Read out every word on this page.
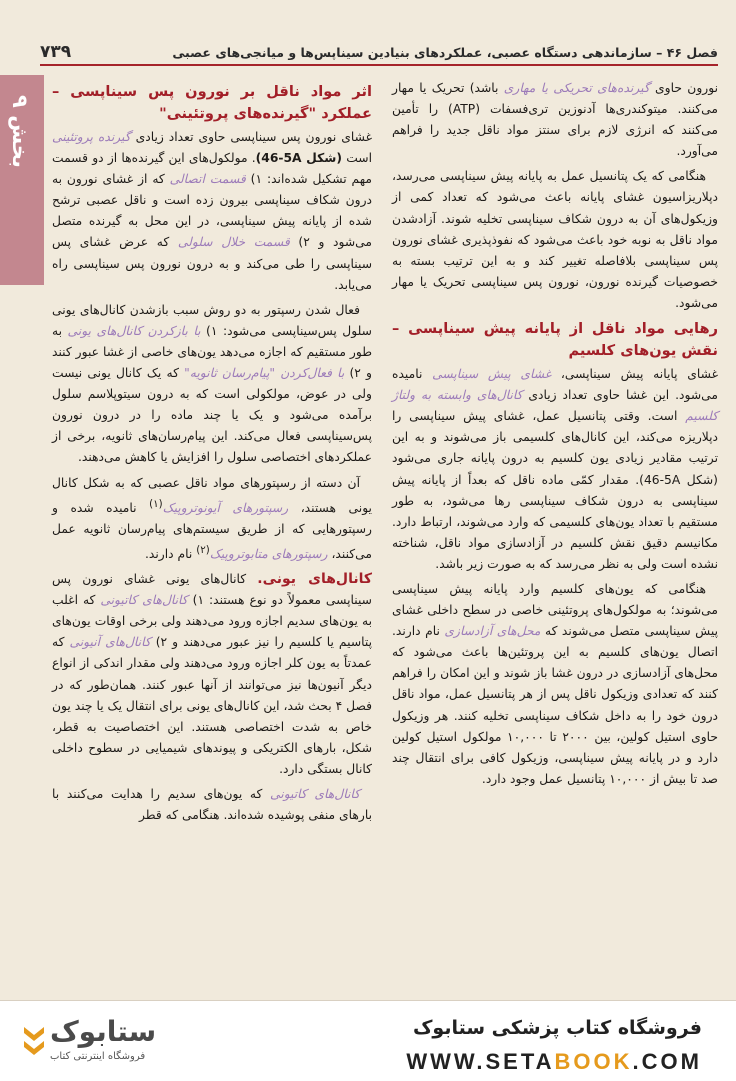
فصل ۴۶ – سازماندهی دستگاه عصبی، عملکردهای بنیادین سیناپس‌ها و میانجی‌های عصبی
۷۳۹
بخش ۹

نورون حاوی گیرنده‌های تحریکی یا مهاری باشد) تحریک یا مهار می‌کنند. میتوکندری‌ها آدنوزین تری‌فسفات (ATP) را تأمین می‌کنند که انرژی لازم برای سنتز مواد ناقل جدید را فراهم می‌آورد.

هنگامی که یک پتانسیل عمل به پایانه پیش سیناپسی می‌رسد، دپلاریزاسیون غشای پایانه باعث می‌شود که تعداد کمی از وزیکول‌های آن به درون شکاف سیناپسی تخلیه شوند. آزادشدن مواد ناقل به نوبه خود باعث می‌شود که نفوذپذیری غشای نورون پس سیناپسی بلافاصله تغییر کند و به این ترتیب بسته به خصوصیات گیرنده نورون، نورون پس سیناپسی تحریک یا مهار می‌شود.

رهایی مواد ناقل از پایانه پیش سیناپسی – نقش یون‌های کلسیم

غشای پایانه پیش سیناپسی، غشای پیش سیناپسی نامیده می‌شود. این غشا حاوی تعداد زیادی کانال‌های وابسته به ولتاژ کلسیم است. وقتی پتانسیل عمل، غشای پیش سیناپسی را دپلاریزه می‌کند، این کانال‌های کلسیمی باز می‌شوند و به این ترتیب مقادیر زیادی یون کلسیم به درون پایانه جاری می‌شود (شکل ‎46-5A‎). مقدار کمّی ماده ناقل که بعداً از پایانه پیش سیناپسی به درون شکاف سیناپسی رها می‌شود، به طور مستقیم با تعداد یون‌های کلسیمی که وارد می‌شوند، ارتباط دارد. مکانیسم دقیق نقش کلسیم در آزادسازی مواد ناقل، شناخته نشده است ولی به نظر می‌رسد که به صورت زیر باشد.

هنگامی که یون‌های کلسیم وارد پایانه پیش سیناپسی می‌شوند؛ به مولکول‌های پروتئینی خاصی در سطح داخلی غشای پیش سیناپسی متصل می‌شوند که محل‌های آزادسازی نام دارند. اتصال یون‌های کلسیم به این پروتئین‌ها باعث می‌شود که محل‌های آزادسازی در درون غشا باز شوند و این امکان را فراهم کنند که تعدادی وزیکول ناقل پس از هر پتانسیل عمل، مواد ناقل درون خود را به داخل شکاف سیناپسی تخلیه کنند. هر وزیکول حاوی استیل کولین، بین ۲۰۰۰ تا ۱۰,۰۰۰ مولکول استیل کولین دارد و در پایانه پیش سیناپسی، وزیکول کافی برای انتقال چند صد تا بیش از ۱۰,۰۰۰ پتانسیل عمل وجود دارد.

اثر مواد ناقل بر نورون پس سیناپسی – عملکرد "گیرنده‌های پروتئینی"

غشای نورون پس سیناپسی حاوی تعداد زیادی گیرنده‌ پروتئینی است (شکل ‎46-5A‎). مولکول‌های این گیرنده‌ها از دو قسمت مهم تشکیل شده‌اند: ۱) قسمت اتصالی که از غشای نورون به درون شکاف سیناپسی بیرون زده است و ناقل عصبی ترشح شده از پایانه پیش سیناپسی، در این محل به گیرنده متصل می‌شود و ۲) قسمت خلال سلولی که عرض غشای پس سیناپسی را طی می‌کند و به درون نورون پس سیناپسی راه می‌یابد.

فعال شدن رسپتور به دو روش سبب بازشدن کانال‌های یونی سلول پس‌سیناپسی می‌شود: ۱) با بازکردن کانال‌های یونی به طور مستقیم که اجازه می‌دهد یون‌های خاصی از غشا عبور کنند و ۲) با فعال‌کردن "پیام‌رسان ثانویه" که یک کانال یونی نیست ولی در عوض، مولکولی است که به درون سیتوپلاسم سلول برآمده می‌شود و یک یا چند ماده را در درون نورون پس‌سیناپسی فعال می‌کند. این پیام‌رسان‌های ثانویه، برخی از عملکردهای اختصاصی سلول را افزایش یا کاهش می‌دهند.

آن دسته از رسپتورهای مواد ناقل عصبی که به شکل کانال یونی هستند، رسپتورهای آیونوتروپیک$^{(۱)}$ نامیده شده و رسپتورهایی که از طریق سیستم‌های پیام‌رسان ثانویه عمل می‌کنند، رسپتورهای متابوتروپیک$^{(۲)}$ نام دارند.

کانال‌های یونی. کانال‌های یونی غشای نورون پس سیناپسی معمولاً دو نوع هستند: ۱) کانال‌های کاتیونی که اغلب به یون‌های سدیم اجازه ورود می‌دهند ولی برخی اوقات یون‌های پتاسیم یا کلسیم را نیز عبور می‌دهند و ۲) کانال‌های آنیونی که عمدتاً به یون کلر اجازه ورود می‌دهند ولی مقدار اندکی از انواع دیگر آنیون‌ها نیز می‌توانند از آنها عبور کنند. همان‌طور که در فصل ۴ بحث شد، این کانال‌های یونی برای انتقال یک یا چند یون خاص به شدت اختصاصی هستند. این اختصاصیت به قطر، شکل، بارهای الکتریکی و پیوندهای شیمیایی در سطوح داخلی کانال بستگی دارد.

کانال‌های کاتیونی که یون‌های سدیم را هدایت می‌کنند با بارهای منفی پوشیده شده‌اند. هنگامی که قطر

ستابوک
فروشگاه اینترنتی کتاب
فروشگاه کتاب پزشکی ستابوک
WWW.SETABOOK.COM
